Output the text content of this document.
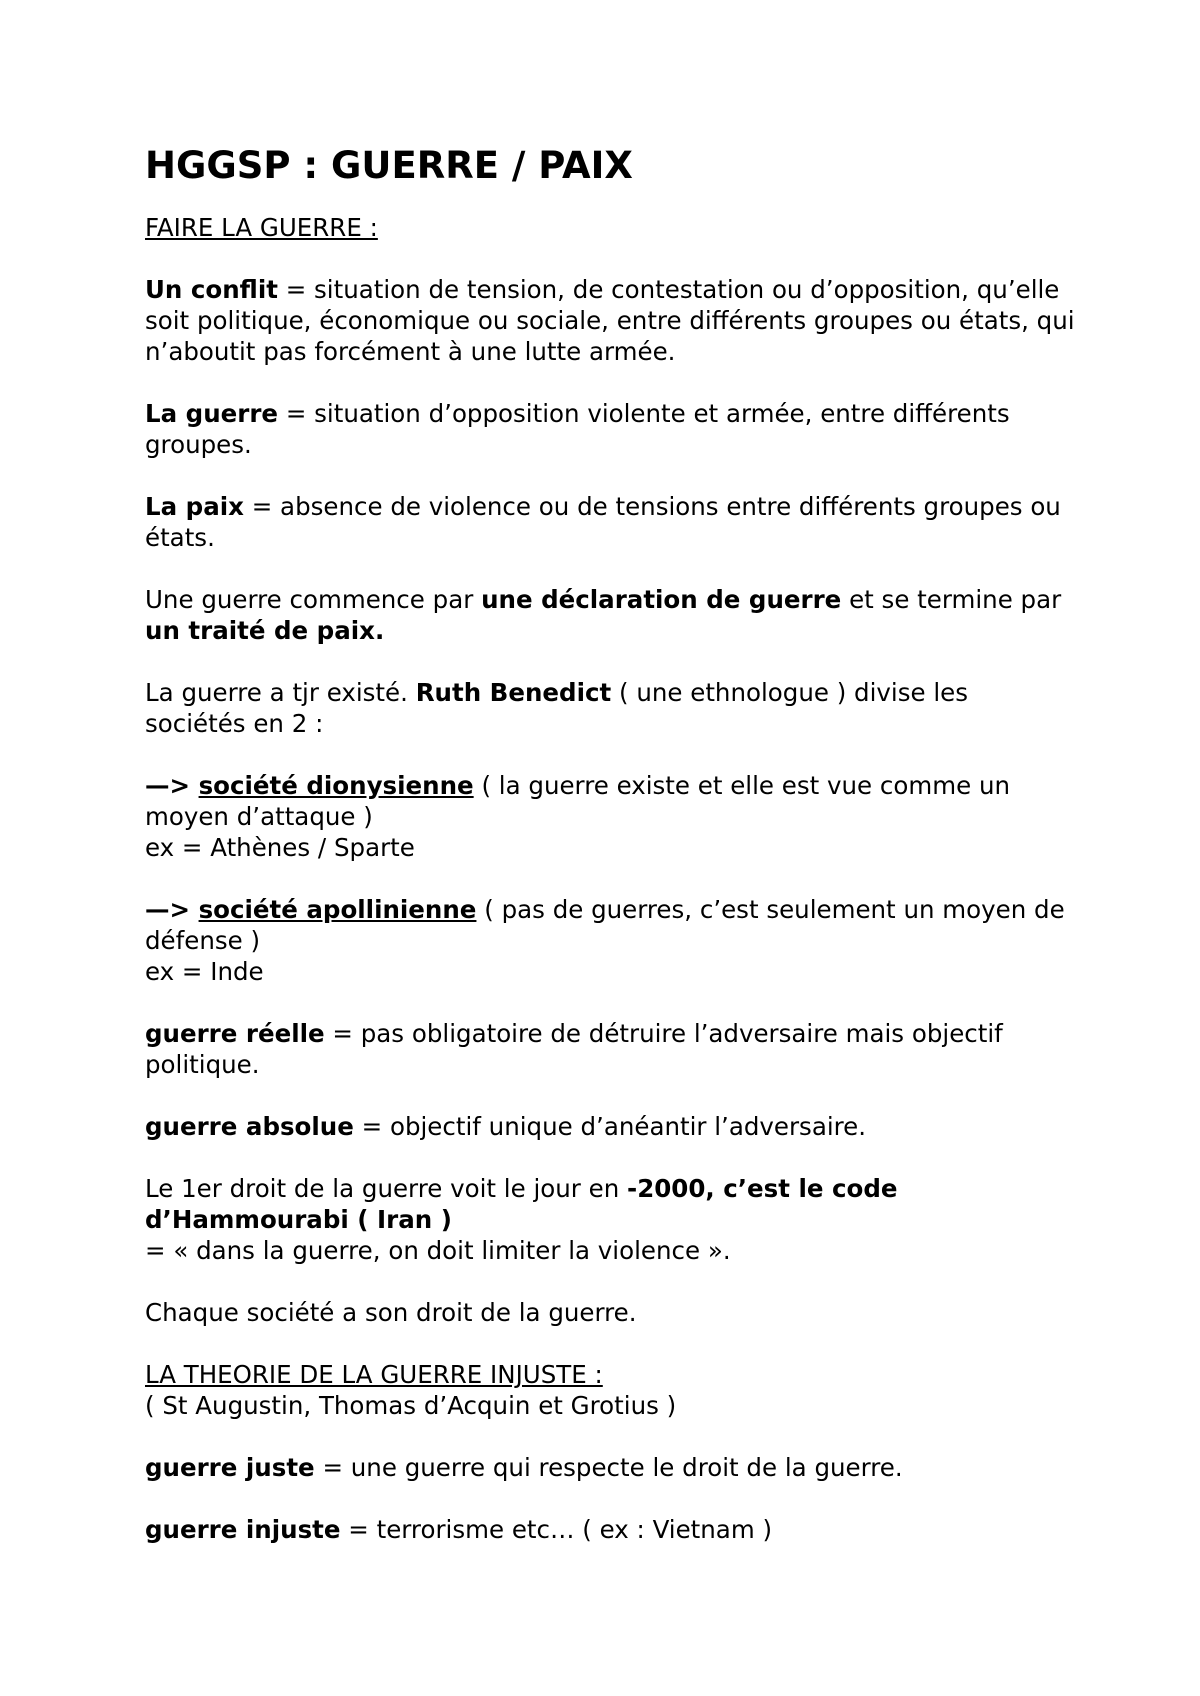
HGGSP : GUERRE / PAIX

FAIRE LA GUERRE :

Un conflit = situation de tension, de contestation ou d’opposition, qu’elle soit politique, économique ou sociale, entre différents groupes ou états, qui n’aboutit pas forcément à une lutte armée.

La guerre = situation d’opposition violente et armée, entre différents groupes.

La paix = absence de violence ou de tensions entre différents groupes ou états.

Une guerre commence par une déclaration de guerre et se termine par un traité de paix.

La guerre a tjr existé. Ruth Benedict ( une ethnologue ) divise les sociétés en 2 :

—> société dionysienne ( la guerre existe et elle est vue comme un moyen d’attaque )
ex = Athènes / Sparte

—> société apollinienne ( pas de guerres, c’est seulement un moyen de défense )
ex = Inde

guerre réelle = pas obligatoire de détruire l’adversaire mais objectif politique.

guerre absolue = objectif unique d’anéantir l’adversaire.

Le 1er droit de la guerre voit le jour en -2000, c’est le code d’Hammourabi ( Iran )
= « dans la guerre, on doit limiter la violence ».

Chaque société a son droit de la guerre.

LA THEORIE DE LA GUERRE INJUSTE :
( St Augustin, Thomas d’Acquin et Grotius )

guerre juste = une guerre qui respecte le droit de la guerre.

guerre injuste = terrorisme etc… ( ex : Vietnam )
